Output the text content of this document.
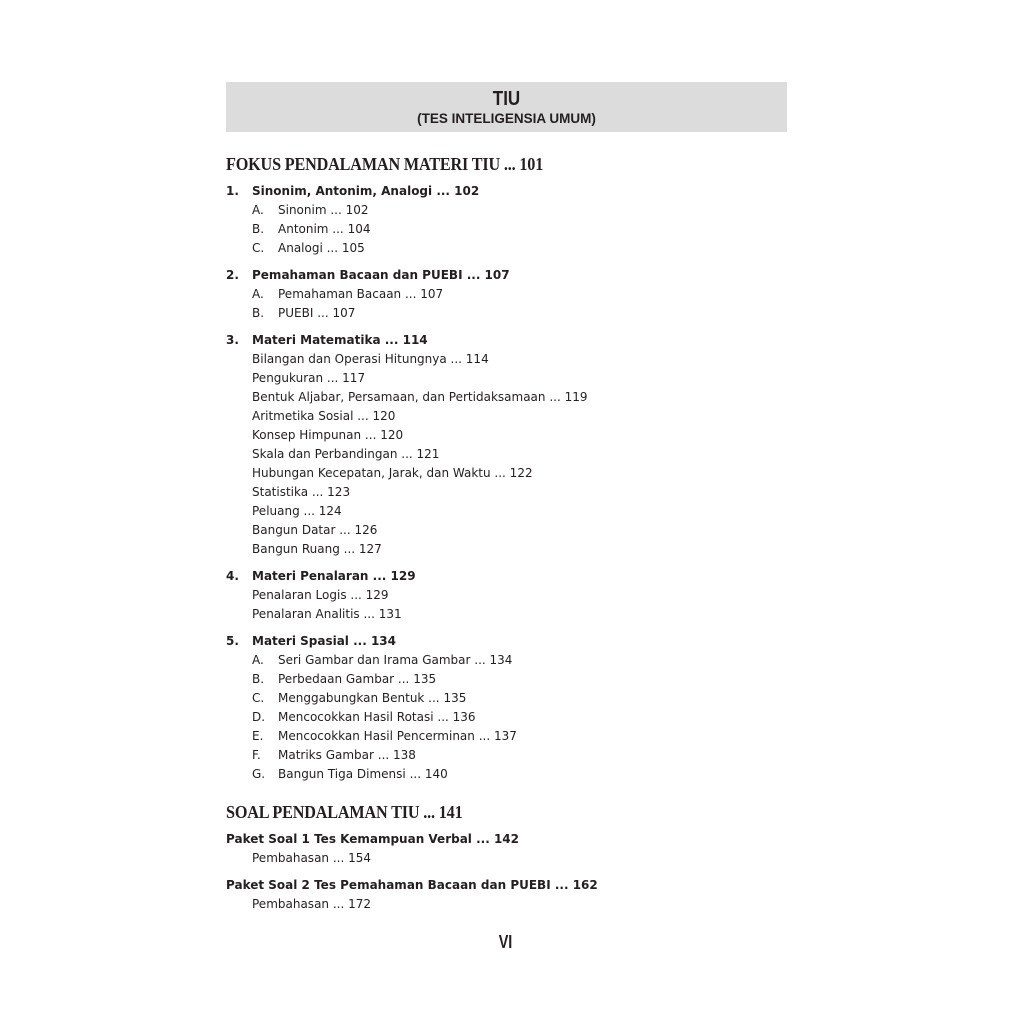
TIU
(TES INTELIGENSIA UMUM)
FOKUS PENDALAMAN MATERI TIU ... 101
1. Sinonim, Antonim, Analogi ... 102
A. Sinonim ... 102
B. Antonim ... 104
C. Analogi ... 105
2. Pemahaman Bacaan dan PUEBI ... 107
A. Pemahaman Bacaan ... 107
B. PUEBI ... 107
3. Materi Matematika ... 114
Bilangan dan Operasi Hitungnya ... 114
Pengukuran ... 117
Bentuk Aljabar, Persamaan, dan Pertidaksamaan ... 119
Aritmetika Sosial ... 120
Konsep Himpunan ... 120
Skala dan Perbandingan ... 121
Hubungan Kecepatan, Jarak, dan Waktu ... 122
Statistika ... 123
Peluang ... 124
Bangun Datar ... 126
Bangun Ruang ... 127
4. Materi Penalaran ... 129
Penalaran Logis ... 129
Penalaran Analitis ... 131
5. Materi Spasial ... 134
A. Seri Gambar dan Irama Gambar ... 134
B. Perbedaan Gambar ... 135
C. Menggabungkan Bentuk ... 135
D. Mencocokkan Hasil Rotasi ... 136
E. Mencocokkan Hasil Pencerminan ... 137
F. Matriks Gambar ... 138
G. Bangun Tiga Dimensi ... 140
SOAL PENDALAMAN TIU ... 141
Paket Soal 1 Tes Kemampuan Verbal ... 142
Pembahasan ... 154
Paket Soal 2 Tes Pemahaman Bacaan dan PUEBI ... 162
Pembahasan ... 172
VI
